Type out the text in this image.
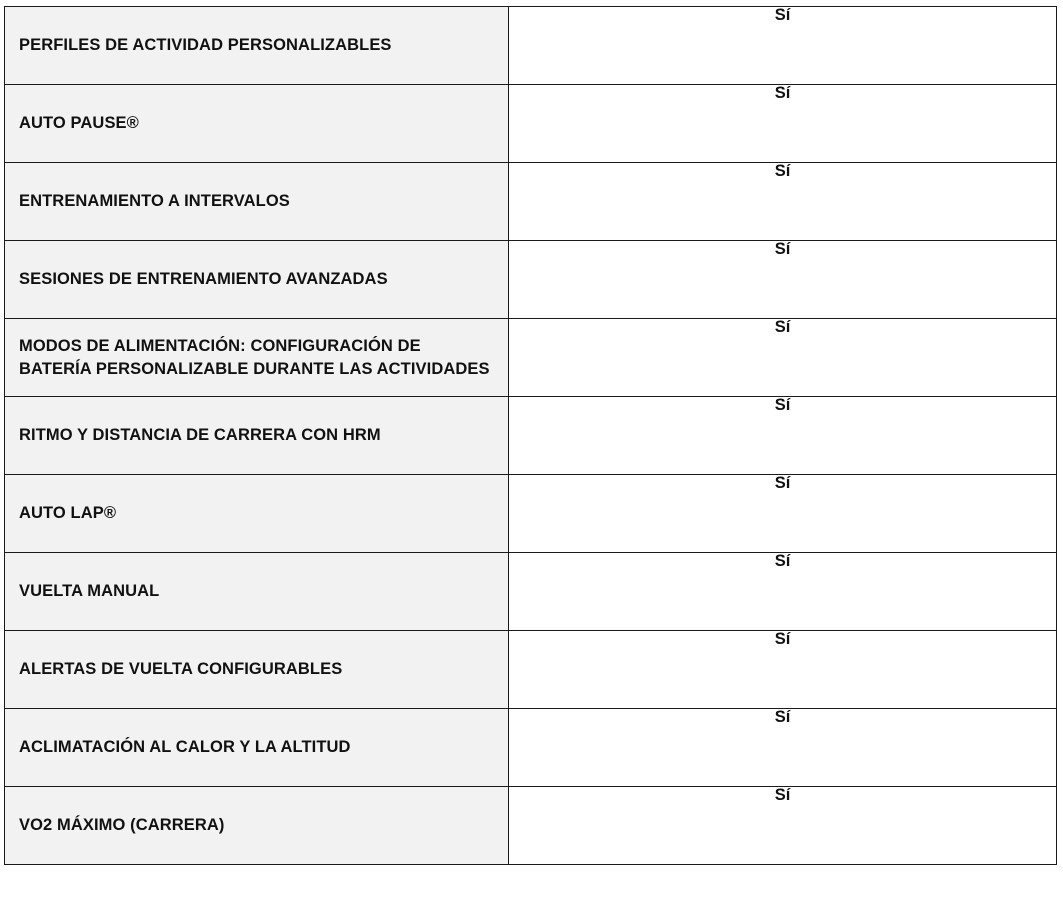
PERFILES DE ACTIVIDAD PERSONALIZABLES	Sí
AUTO PAUSE®	Sí
ENTRENAMIENTO A INTERVALOS	Sí
SESIONES DE ENTRENAMIENTO AVANZADAS	Sí
MODOS DE ALIMENTACIÓN: CONFIGURACIÓN DE BATERÍA PERSONALIZABLE DURANTE LAS ACTIVIDADES	Sí
RITMO Y DISTANCIA DE CARRERA CON HRM	Sí
AUTO LAP®	Sí
VUELTA MANUAL	Sí
ALERTAS DE VUELTA CONFIGURABLES	Sí
ACLIMATACIÓN AL CALOR Y LA ALTITUD	Sí
VO2 MÁXIMO (CARRERA)	Sí
